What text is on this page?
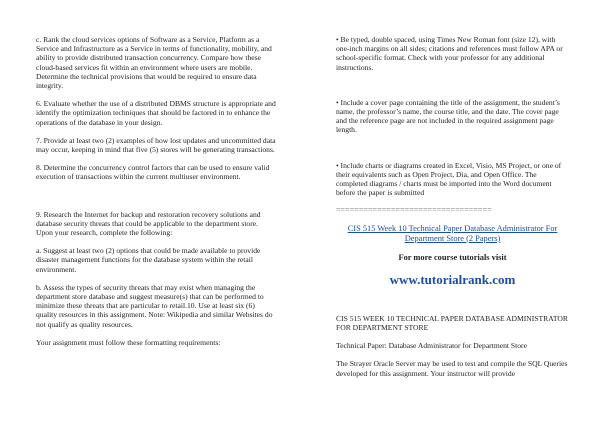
c. Rank the cloud services options of Software as a Service, Platform as a Service and Infrastructure as a Service in terms of functionality, mobility, and ability to provide distributed transaction concurrency. Compare how these cloud-based services fit within an environment where users are mobile. Determine the technical provisions that would be required to ensure data integrity.

6. Evaluate whether the use of a distributed DBMS structure is appropriate and identify the optimization techniques that should be factored in to enhance the operations of the database in your design.

7. Provide at least two (2) examples of how lost updates and uncommitted data may occur, keeping in mind that five (5) stores will be generating transactions.

8. Determine the concurrency control factors that can be used to ensure valid execution of transactions within the current multiuser environment.

9. Research the Internet for backup and restoration recovery solutions and database security threats that could be applicable to the department store. Upon your research, complete the following:

a. Suggest at least two (2) options that could be made available to provide disaster management functions for the database system within the retail environment.

b. Assess the types of security threats that may exist when managing the department store database and suggest measure(s) that can be performed to minimize these threats that are particular to retail.10. Use at least six (6) quality resources in this assignment. Note: Wikipedia and similar Websites do not qualify as quality resources.

Your assignment must follow these formatting requirements:

• Be typed, double spaced, using Times New Roman font (size 12), with one-inch margins on all sides; citations and references must follow APA or school-specific format. Check with your professor for any additional instructions.

• Include a cover page containing the title of the assignment, the student’s name, the professor’s name, the course title, and the date. The cover page and the reference page are not included in the required assignment page length.

• Include charts or diagrams created in Excel, Visio, MS Project, or one of their equivalents such as Open Project, Dia, and Open Office. The completed diagrams / charts must be imported into the Word document before the paper is submitted

==================================

CIS 515 Week 10 Technical Paper Database Administrator For Department Store (2 Papers)

For more course tutorials visit

www.tutorialrank.com

CIS 515 WEEK 10 TECHNICAL PAPER DATABASE ADMINISTRATOR FOR DEPARTMENT STORE

Technical Paper: Database Administrator for Department Store

The Strayer Oracle Server may be used to test and compile the SQL Queries developed for this assignment. Your instructor will provide
